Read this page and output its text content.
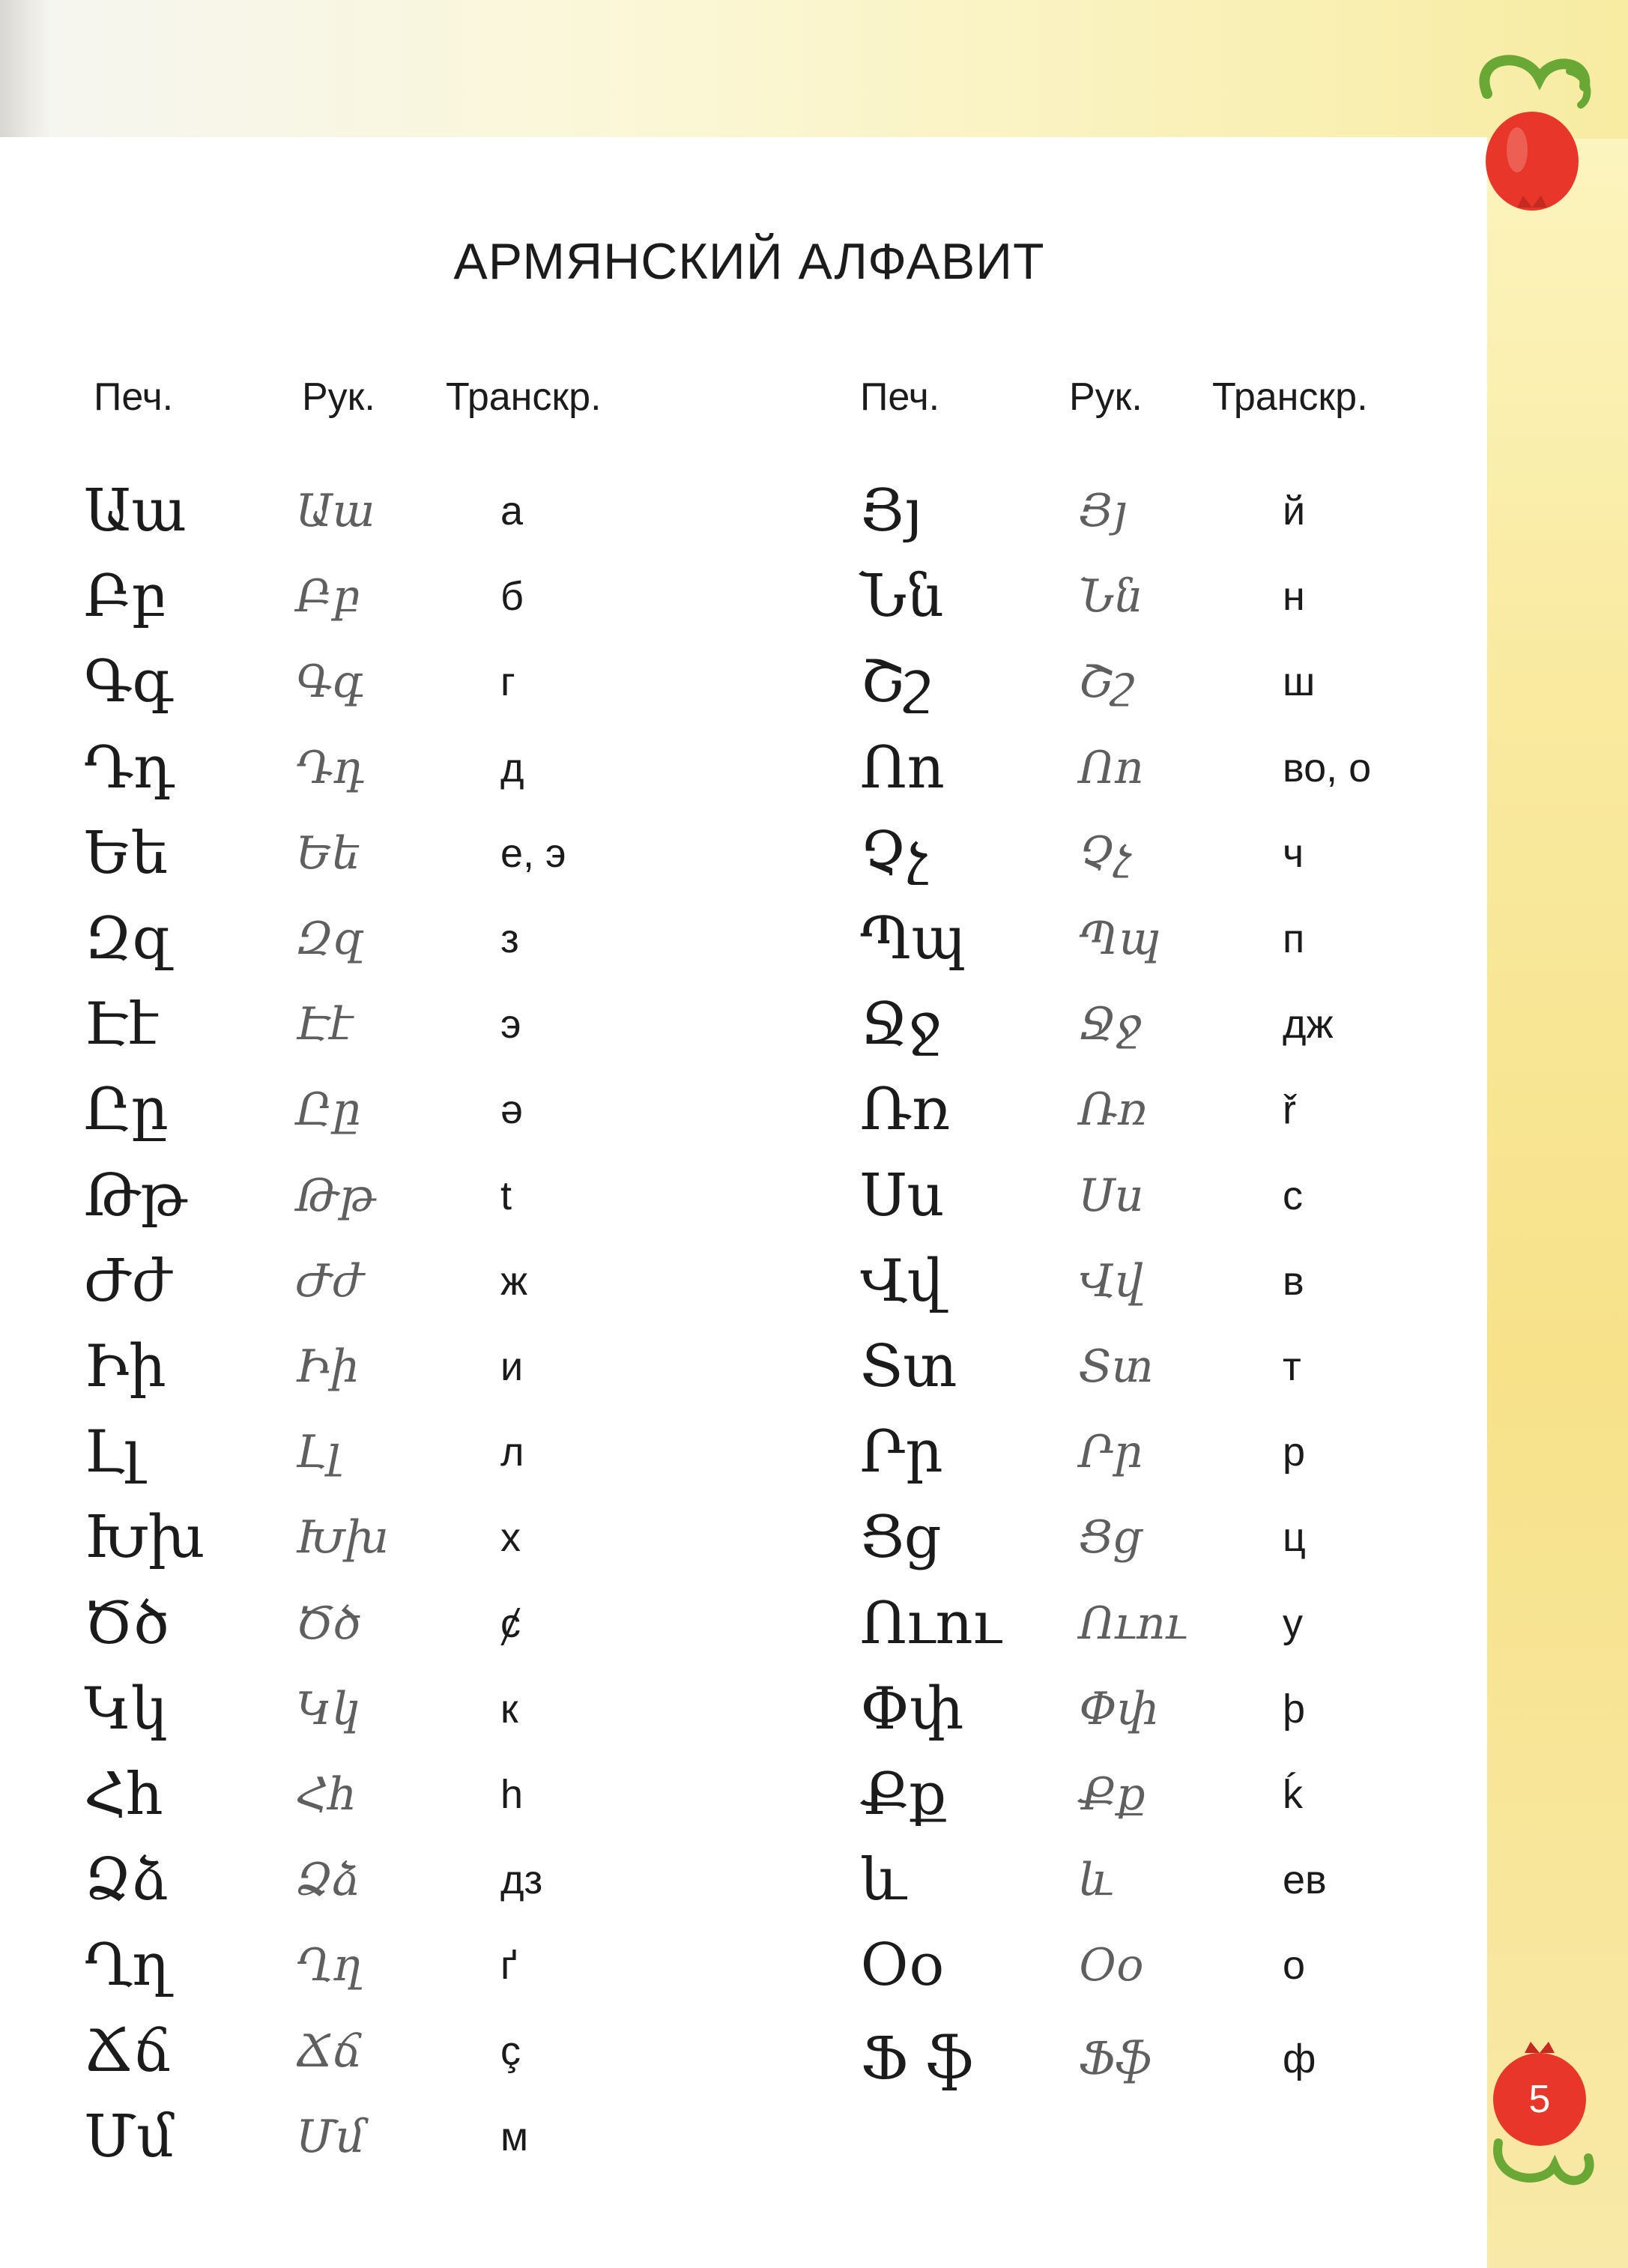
5
АРМЯНСКИЙ АЛФАВИТ
Печ.	Рук. Транскр.	Печ.	Рук. Транскр.
Աա Աա	а
Բբ	Բբ	б
Գգ	Գգ	г
Դդ	Դդ	д
Եե	Եե	е, э
Զզ	Զզ	з
Էէ	Էէ	э
Ըը	Ըը	ә
Թթ Թթ	t
Ժժ	Ժժ	ж
Իի	Իի	и
Լլ	Լլ	л
Խխ Խխ	х
Ծծ	Ծծ	ȼ
Կկ	Կկ	к
Հհ	Հհ	h
Ձձ	Ձձ	дз
Ղղ	Ղղ	ґ
Ճճ	Ճճ	ç
Մմ	Մմ	м
Յյ	Յյ	й
Նն	Նն	н
Շշ	Շշ	ш
Ոո	Ոո	во, о
Չչ	Չչ	ч
Պպ	Պպ	п
Ջջ	Ջջ	дж
Ռռ	Ռռ	ř
Սս	Սս	с
Վվ	Վվ	в
Տտ	Տտ	т
Րր	Րր	р
Ցց	Ցց	ц
Ուու Ուու у
Փփ	Փփ	þ
Քք	Քք	ḱ
և	և	ев
Օօ	Օօ	о
Ֆ ֆ Ֆֆ	ф
